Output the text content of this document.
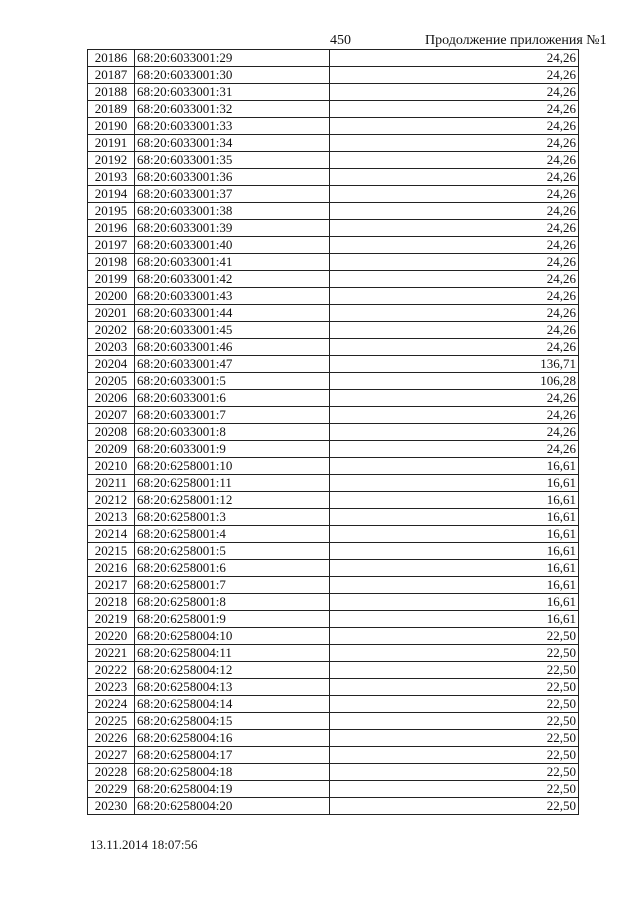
450	Продолжение приложения №1
20186	68:20:6033001:29	24,26
20187	68:20:6033001:30	24,26
20188	68:20:6033001:31	24,26
20189	68:20:6033001:32	24,26
20190	68:20:6033001:33	24,26
20191	68:20:6033001:34	24,26
20192	68:20:6033001:35	24,26
20193	68:20:6033001:36	24,26
20194	68:20:6033001:37	24,26
20195	68:20:6033001:38	24,26
20196	68:20:6033001:39	24,26
20197	68:20:6033001:40	24,26
20198	68:20:6033001:41	24,26
20199	68:20:6033001:42	24,26
20200	68:20:6033001:43	24,26
20201	68:20:6033001:44	24,26
20202	68:20:6033001:45	24,26
20203	68:20:6033001:46	24,26
20204	68:20:6033001:47	136,71
20205	68:20:6033001:5	106,28
20206	68:20:6033001:6	24,26
20207	68:20:6033001:7	24,26
20208	68:20:6033001:8	24,26
20209	68:20:6033001:9	24,26
20210	68:20:6258001:10	16,61
20211	68:20:6258001:11	16,61
20212	68:20:6258001:12	16,61
20213	68:20:6258001:3	16,61
20214	68:20:6258001:4	16,61
20215	68:20:6258001:5	16,61
20216	68:20:6258001:6	16,61
20217	68:20:6258001:7	16,61
20218	68:20:6258001:8	16,61
20219	68:20:6258001:9	16,61
20220	68:20:6258004:10	22,50
20221	68:20:6258004:11	22,50
20222	68:20:6258004:12	22,50
20223	68:20:6258004:13	22,50
20224	68:20:6258004:14	22,50
20225	68:20:6258004:15	22,50
20226	68:20:6258004:16	22,50
20227	68:20:6258004:17	22,50
20228	68:20:6258004:18	22,50
20229	68:20:6258004:19	22,50
20230	68:20:6258004:20	22,50
13.11.2014 18:07:56
